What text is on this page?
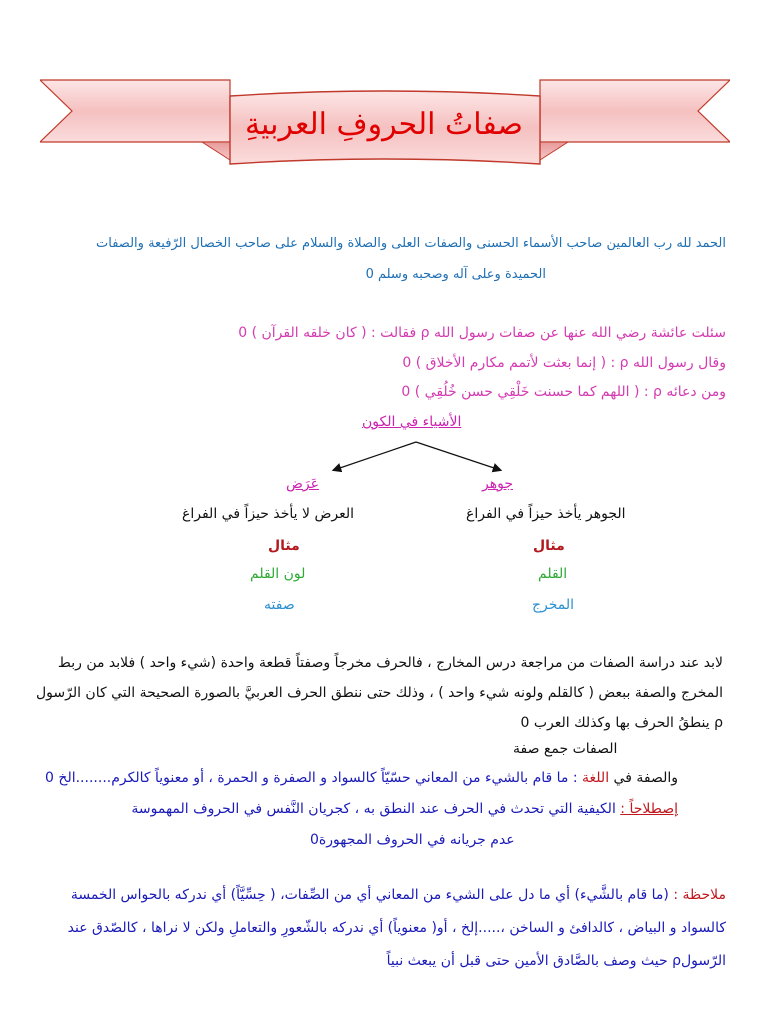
صفاتُ الحروفِ العربيةِ
الحمد لله رب العالمين صاحب الأسماء الحسنى والصفات العلى والصلاة والسلام على صاحب الخصال الرّفيعة والصفات
الحميدة وعلى آله وصحبه وسلم 0
سئلت عائشة رضي الله عنها عن صفات رسول الله ρ فقالت : ( كان خلقه القرآن ) 0
وقال رسول الله ρ : ( إنما بعثت لأتمم مكارم الأخلاق ) 0
ومن دعائه ρ : ( اللهم كما حسنت خَلْقِي حسن خُلُقِي ) 0
الأشياء في الكون
جوهر
عَرَض
الجوهر يأخذ حيزاً في الفراغ
العرض لا يأخذ حيزاً في الفراغ
مثال
مثال
القلم
لون القلم
المخرج
صفته
لابد عند دراسة الصفات من مراجعة درس المخارج ، فالحرف مخرجاً وصفتاً قطعة واحدة (شيء واحد ) فلابد من ربط
المخرج والصفة ببعض ( كالقلم ولونه شيء واحد ) ، وذلك حتى ننطق الحرف العربيَّ بالصورة الصحيحة التي كان الرّسول
ρ ينطقُ الحرف بها وكذلك العرب 0
الصفات جمع صفة
والصفة في اللغة : ما قام بالشيء من المعاني حسّيّاً كالسواد و الصفرة و الحمرة ، أو معنوياً كالكرم........الخ 0
إصطلاحاً : الكيفية التي تحدث في الحرف عند النطق به ، كجريان النَّفس في الحروف المهموسة
عدم جريانه في الحروف المجهورة0
ملاحظة : (ما قام بالشَّيء) أي ما دل على الشيء من المعاني أي من الصِّفات، ( حِسِّيَّاً) أي ندركه بالحواس الخمسة
كالسواد و البياض ، كالدافئ و الساخن ،.....إلخ ، أو( معنوياً) أي ندركه بالشّعورِ والتعاملِ ولكن لا نراها ، كالصّدق عند
الرّسولρ حيث وصف بالصَّادق الأمين حتى قبل أن يبعث نبياً
